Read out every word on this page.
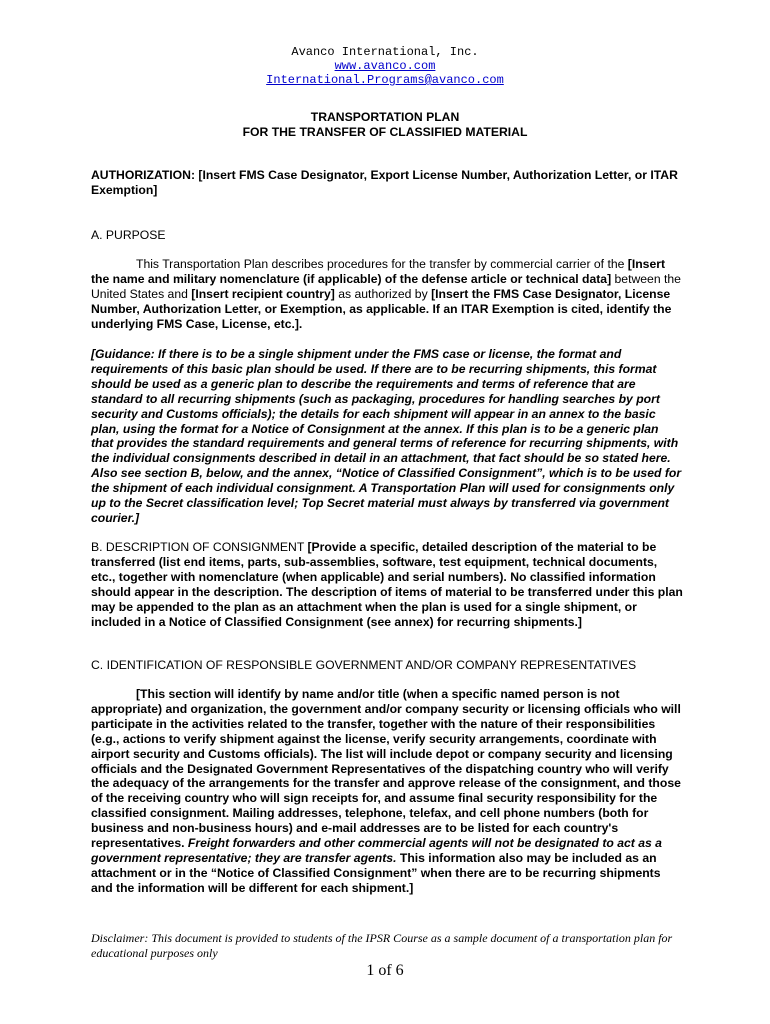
Avanco International, Inc.
www.avanco.com
International.Programs@avanco.com
TRANSPORTATION PLAN
FOR THE TRANSFER OF CLASSIFIED MATERIAL

AUTHORIZATION: [Insert FMS Case Designator, Export License Number, Authorization Letter, or ITAR Exemption]

A. PURPOSE

This Transportation Plan describes procedures for the transfer by commercial carrier of the [Insert the name and military nomenclature (if applicable) of the defense article or technical data] between the United States and [Insert recipient country] as authorized by [Insert the FMS Case Designator, License Number, Authorization Letter, or Exemption, as applicable. If an ITAR Exemption is cited, identify the underlying FMS Case, License, etc.].

[Guidance: If there is to be a single shipment under the FMS case or license, the format and requirements of this basic plan should be used. If there are to be recurring shipments, this format should be used as a generic plan to describe the requirements and terms of reference that are standard to all recurring shipments (such as packaging, procedures for handling searches by port security and Customs officials); the details for each shipment will appear in an annex to the basic plan, using the format for a Notice of Consignment at the annex. If this plan is to be a generic plan that provides the standard requirements and general terms of reference for recurring shipments, with the individual consignments described in detail in an attachment, that fact should be so stated here. Also see section B, below, and the annex, “Notice of Classified Consignment”, which is to be used for the shipment of each individual consignment. A Transportation Plan will used for consignments only up to the Secret classification level; Top Secret material must always by transferred via government courier.]

B. DESCRIPTION OF CONSIGNMENT [Provide a specific, detailed description of the material to be transferred (list end items, parts, sub-assemblies, software, test equipment, technical documents, etc., together with nomenclature (when applicable) and serial numbers). No classified information should appear in the description. The description of items of material to be transferred under this plan may be appended to the plan as an attachment when the plan is used for a single shipment, or included in a Notice of Classified Consignment (see annex) for recurring shipments.]

C. IDENTIFICATION OF RESPONSIBLE GOVERNMENT AND/OR COMPANY REPRESENTATIVES

[This section will identify by name and/or title (when a specific named person is not appropriate) and organization, the government and/or company security or licensing officials who will participate in the activities related to the transfer, together with the nature of their responsibilities (e.g., actions to verify shipment against the license, verify security arrangements, coordinate with airport security and Customs officials). The list will include depot or company security and licensing officials and the Designated Government Representatives of the dispatching country who will verify the adequacy of the arrangements for the transfer and approve release of the consignment, and those of the receiving country who will sign receipts for, and assume final security responsibility for the classified consignment. Mailing addresses, telephone, telefax, and cell phone numbers (both for business and non-business hours) and e-mail addresses are to be listed for each country's representatives. Freight forwarders and other commercial agents will not be designated to act as a government representative; they are transfer agents. This information also may be included as an attachment or in the “Notice of Classified Consignment” when there are to be recurring shipments and the information will be different for each shipment.]

Disclaimer: This document is provided to students of the IPSR Course as a sample document of a transportation plan for educational purposes only
1 of 6
